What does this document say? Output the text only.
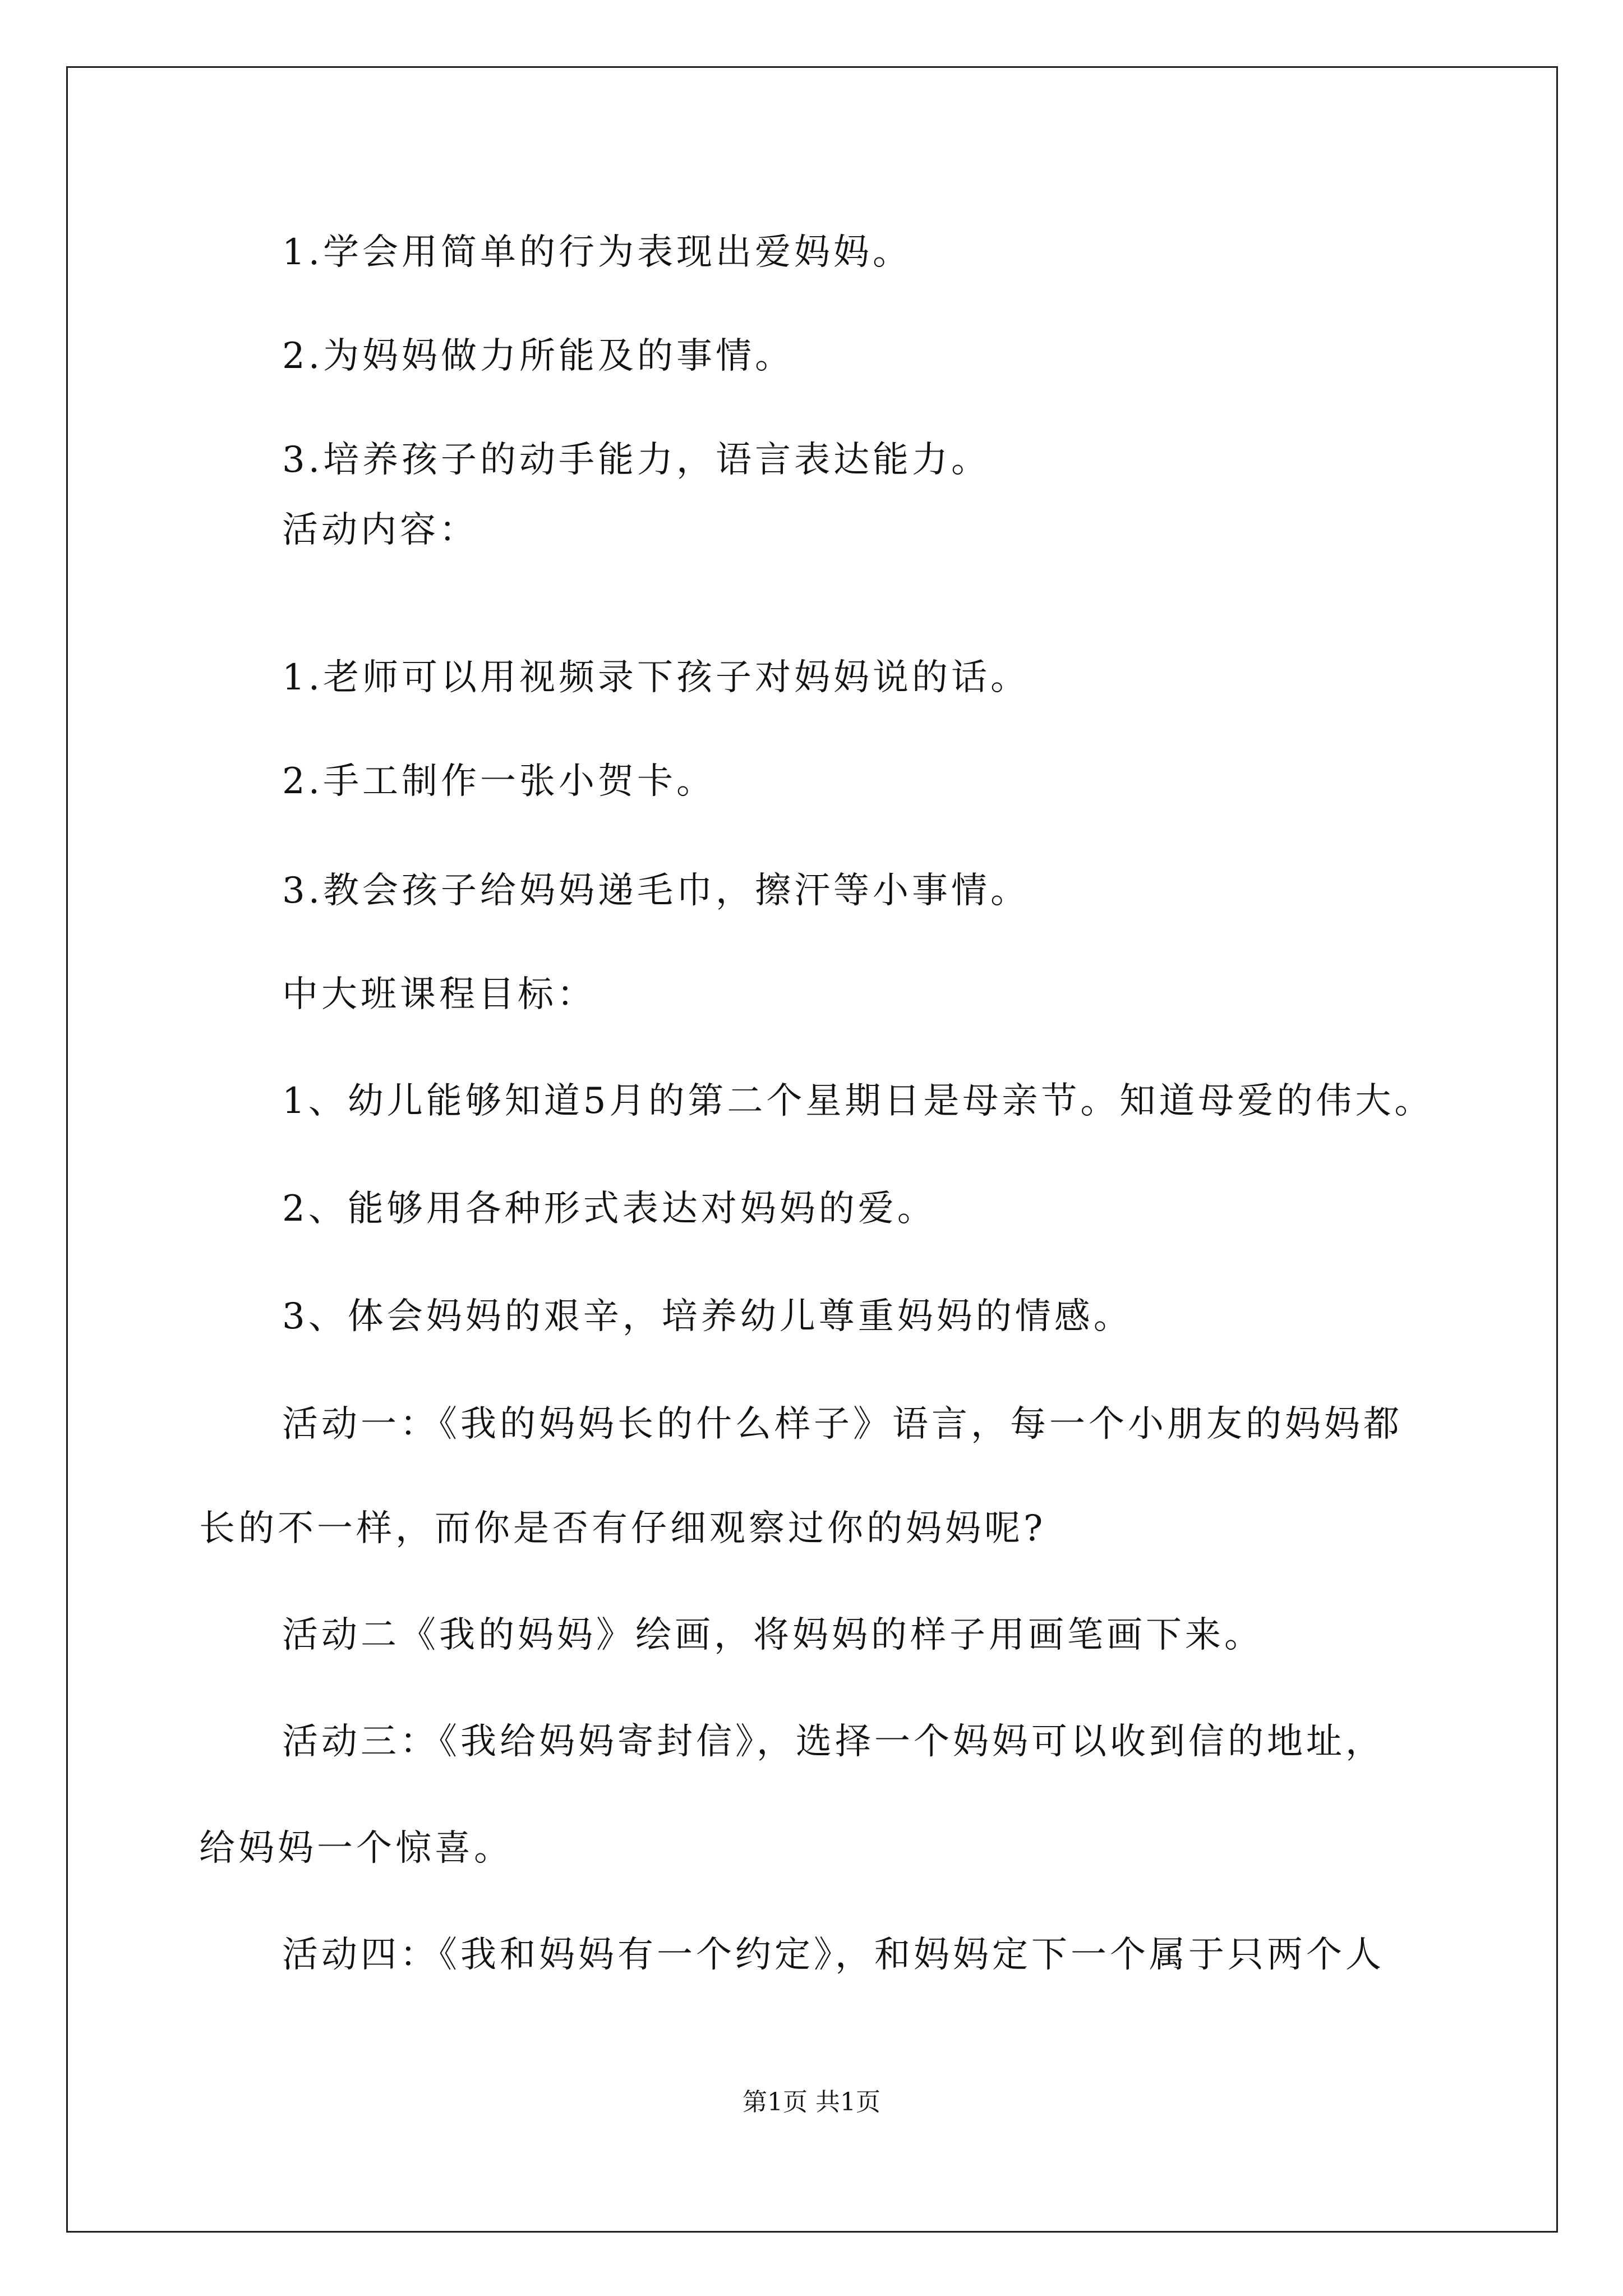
1.学会用简单的行为表现出爱妈妈。
2.为妈妈做力所能及的事情。
3.培养孩子的动手能力，语言表达能力。
活动内容：
1.老师可以用视频录下孩子对妈妈说的话。
2.手工制作一张小贺卡。
3.教会孩子给妈妈递毛巾，擦汗等小事情。
中大班课程目标：
1、幼儿能够知道5月的第二个星期日是母亲节。知道母爱的伟大。
2、能够用各种形式表达对妈妈的爱。
3、体会妈妈的艰辛，培养幼儿尊重妈妈的情感。
活动一：《我的妈妈长的什么样子》语言，每一个小朋友的妈妈都
长的不一样，而你是否有仔细观察过你的妈妈呢?
活动二《我的妈妈》绘画，将妈妈的样子用画笔画下来。
活动三：《我给妈妈寄封信》，选择一个妈妈可以收到信的地址，
给妈妈一个惊喜。
活动四：《我和妈妈有一个约定》，和妈妈定下一个属于只两个人
第1页 共1页
